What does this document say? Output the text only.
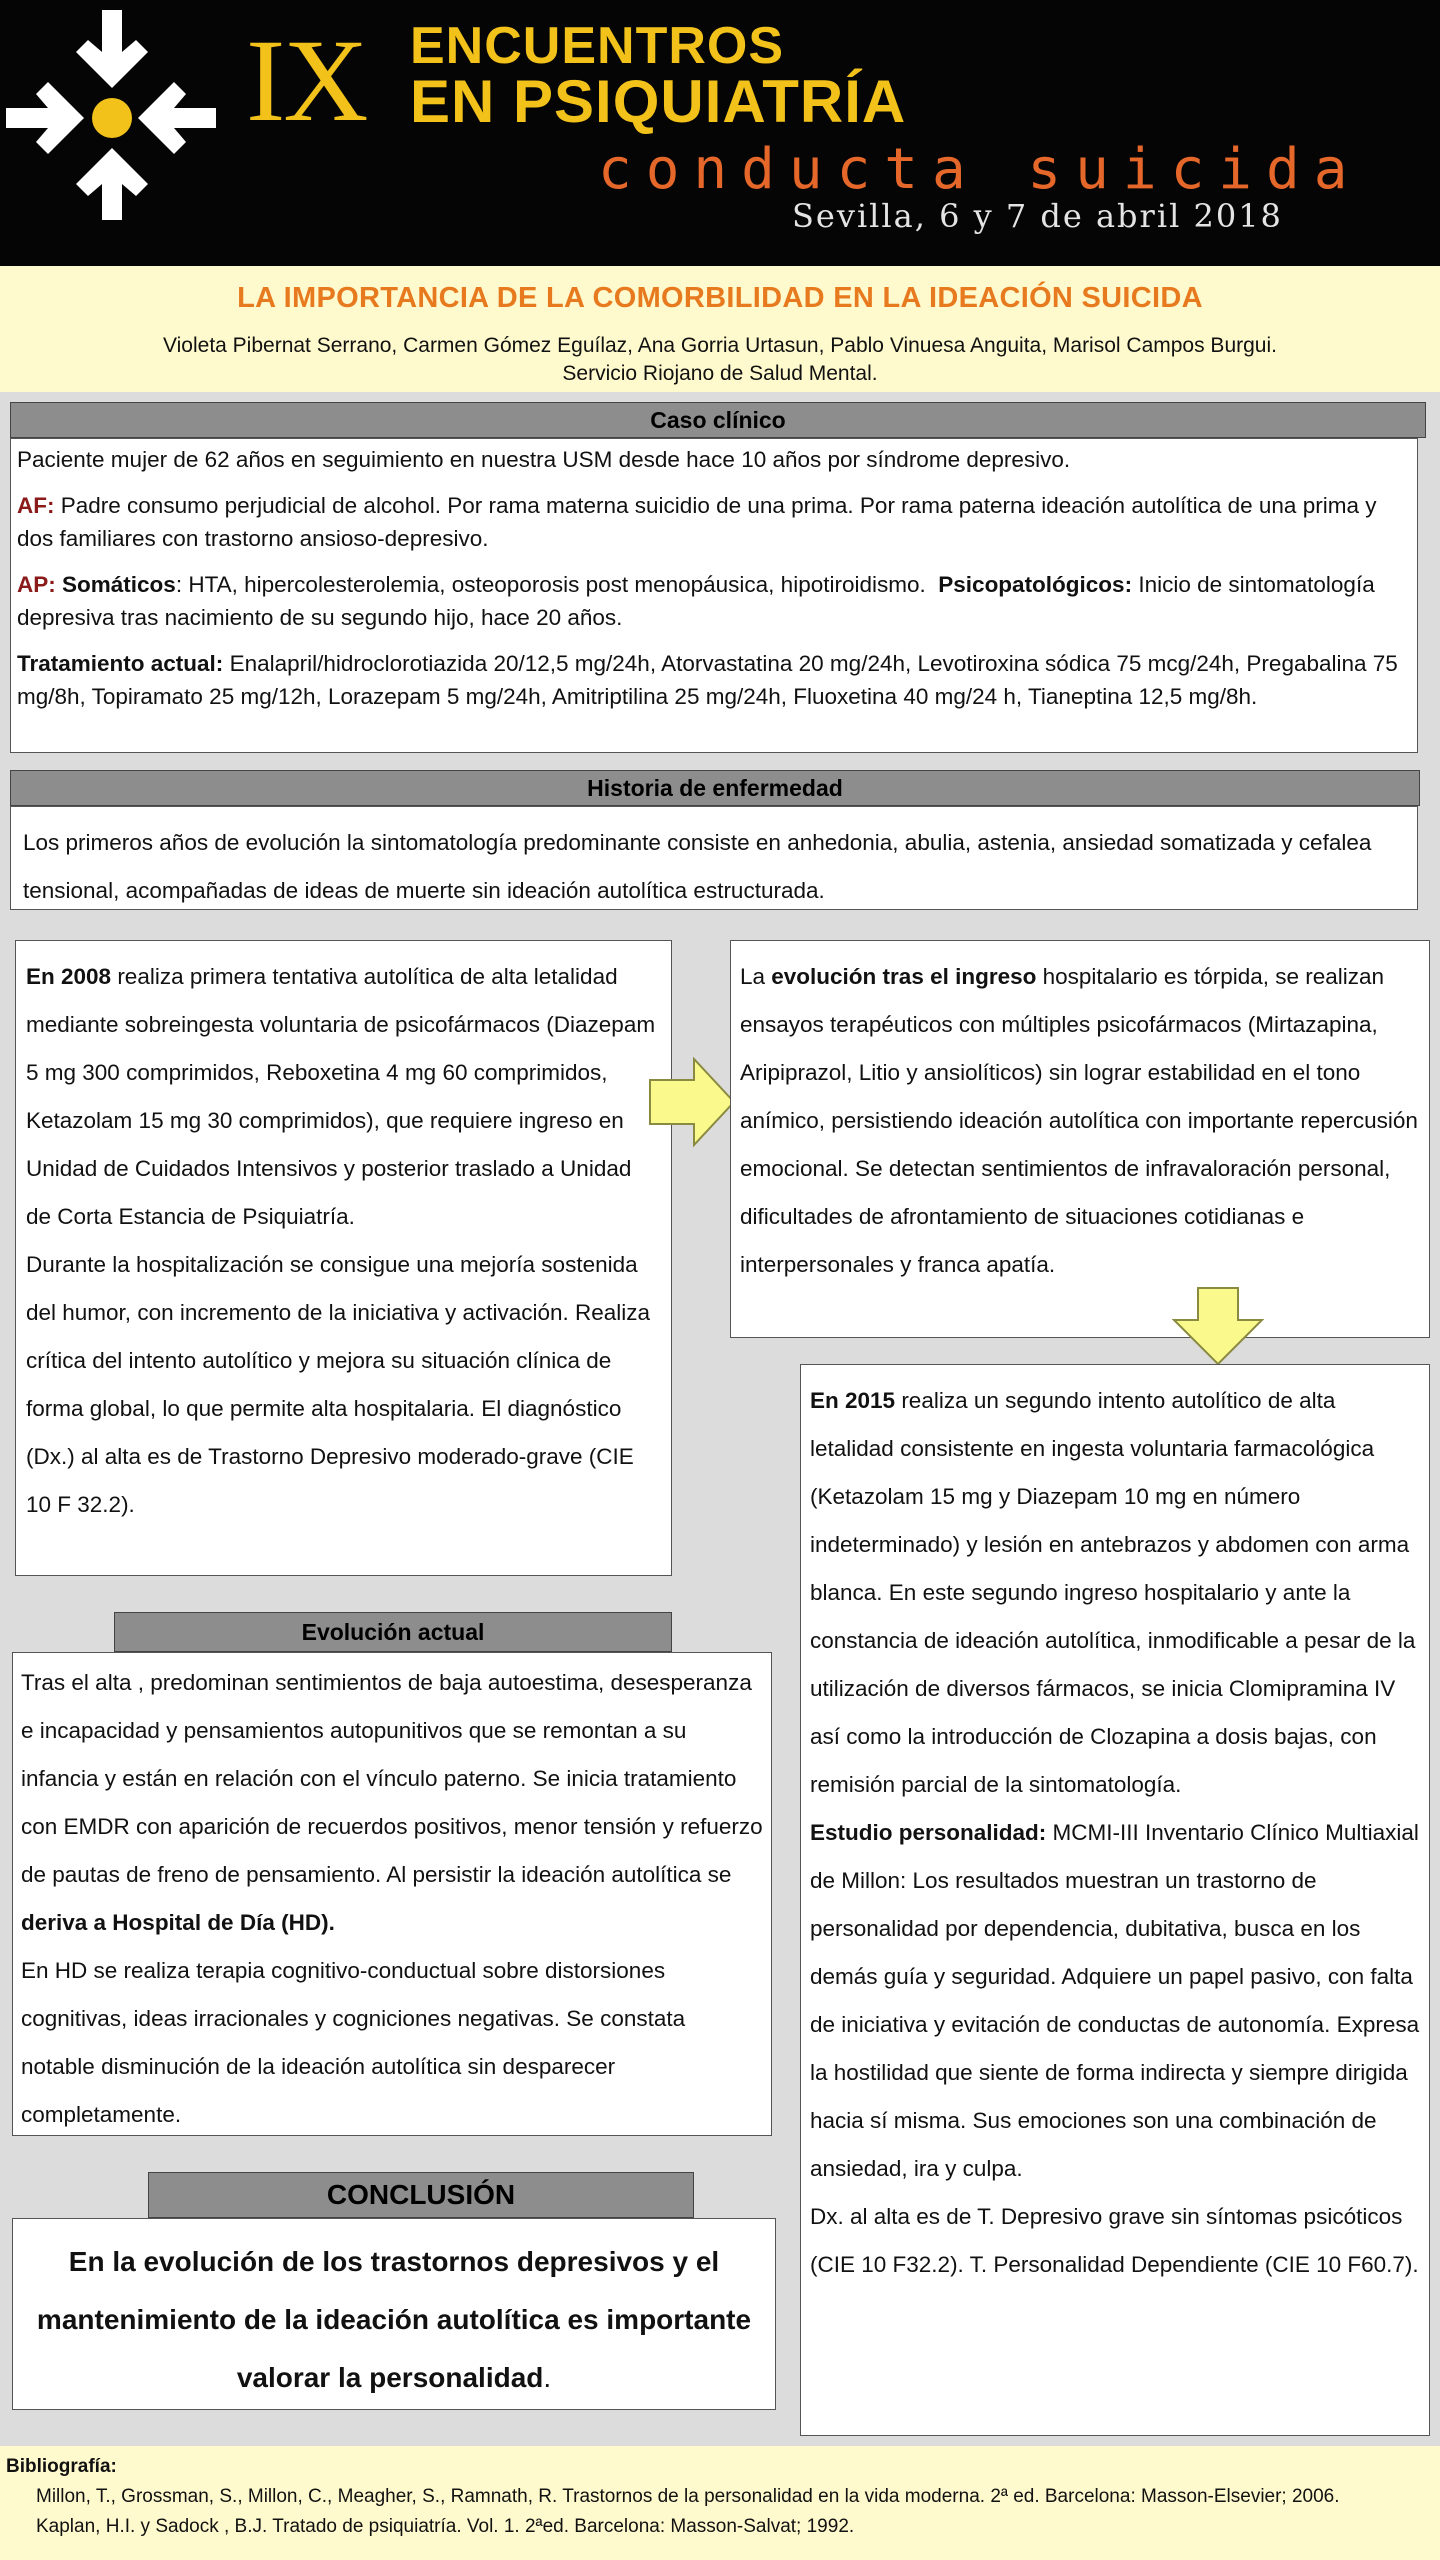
IX ENCUENTROS
EN PSIQUIATRÍA
conducta suicida
Sevilla, 6 y 7 de abril 2018
LA IMPORTANCIA DE LA COMORBILIDAD EN LA IDEACIÓN SUICIDA
Violeta Pibernat Serrano, Carmen Gómez Eguílaz, Ana Gorria Urtasun, Pablo Vinuesa Anguita, Marisol Campos Burgui.
Servicio Riojano de Salud Mental.
Caso clínico

Paciente mujer de 62 años en seguimiento en nuestra USM desde hace 10 años por síndrome depresivo.

AF: Padre consumo perjudicial de alcohol. Por rama materna suicidio de una prima. Por rama paterna ideación autolítica de una prima y dos familiares con trastorno ansioso-depresivo.

AP: Somáticos: HTA, hipercolesterolemia, osteoporosis post menopáusica, hipotiroidismo. Psicopatológicos: Inicio de sintomatología depresiva tras nacimiento de su segundo hijo, hace 20 años.

Tratamiento actual: Enalapril/hidroclorotiazida 20/12,5 mg/24h, Atorvastatina 20 mg/24h, Levotiroxina sódica 75 mcg/24h, Pregabalina 75 mg/8h, Topiramato 25 mg/12h, Lorazepam 5 mg/24h, Amitriptilina 25 mg/24h, Fluoxetina 40 mg/24 h, Tianeptina 12,5 mg/8h.

Historia de enfermedad

Los primeros años de evolución la sintomatología predominante consiste en anhedonia, abulia, astenia, ansiedad somatizada y cefalea tensional, acompañadas de ideas de muerte sin ideación autolítica estructurada.

En 2008 realiza primera tentativa autolítica de alta letalidad mediante sobreingesta voluntaria de psicofármacos (Diazepam 5 mg 300 comprimidos, Reboxetina 4 mg 60 comprimidos, Ketazolam 15 mg 30 comprimidos), que requiere ingreso en Unidad de Cuidados Intensivos y posterior traslado a Unidad de Corta Estancia de Psiquiatría.

Durante la hospitalización se consigue una mejoría sostenida del humor, con incremento de la iniciativa y activación. Realiza crítica del intento autolítico y mejora su situación clínica de forma global, lo que permite alta hospitalaria. El diagnóstico (Dx.) al alta es de Trastorno Depresivo moderado-grave (CIE 10 F 32.2).

La evolución tras el ingreso hospitalario es tórpida, se realizan ensayos terapéuticos con múltiples psicofármacos (Mirtazapina, Aripiprazol, Litio y ansiolíticos) sin lograr estabilidad en el tono anímico, persistiendo ideación autolítica con importante repercusión emocional. Se detectan sentimientos de infravaloración personal, dificultades de afrontamiento de situaciones cotidianas e interpersonales y franca apatía.

En 2015 realiza un segundo intento autolítico de alta letalidad consistente en ingesta voluntaria farmacológica (Ketazolam 15 mg y Diazepam 10 mg en número indeterminado) y lesión en antebrazos y abdomen con arma blanca. En este segundo ingreso hospitalario y ante la constancia de ideación autolítica, inmodificable a pesar de la utilización de diversos fármacos, se inicia Clomipramina IV así como la introducción de Clozapina a dosis bajas, con remisión parcial de la sintomatología.

Estudio personalidad: MCMI-III Inventario Clínico Multiaxial de Millon: Los resultados muestran un trastorno de personalidad por dependencia, dubitativa, busca en los demás guía y seguridad. Adquiere un papel pasivo, con falta de iniciativa y evitación de conductas de autonomía. Expresa la hostilidad que siente de forma indirecta y siempre dirigida hacia sí misma. Sus emociones son una combinación de ansiedad, ira y culpa.

Dx. al alta es de T. Depresivo grave sin síntomas psicóticos (CIE 10 F32.2). T. Personalidad Dependiente (CIE 10 F60.7).

Evolución actual

Tras el alta , predominan sentimientos de baja autoestima, desesperanza e incapacidad y pensamientos autopunitivos que se remontan a su infancia y están en relación con el vínculo paterno. Se inicia tratamiento con EMDR con aparición de recuerdos positivos, menor tensión y refuerzo de pautas de freno de pensamiento. Al persistir la ideación autolítica se deriva a Hospital de Día (HD).

En HD se realiza terapia cognitivo-conductual sobre distorsiones cognitivas, ideas irracionales y cogniciones negativas. Se constata notable disminución de la ideación autolítica sin desparecer completamente.

CONCLUSIÓN

En la evolución de los trastornos depresivos y el mantenimiento de la ideación autolítica es importante valorar la personalidad.

Bibliografía:
Millon, T., Grossman, S., Millon, C., Meagher, S., Ramnath, R. Trastornos de la personalidad en la vida moderna. 2ª ed. Barcelona: Masson-Elsevier; 2006.
Kaplan, H.I. y Sadock , B.J. Tratado de psiquiatría. Vol. 1. 2ªed. Barcelona: Masson-Salvat; 1992.
